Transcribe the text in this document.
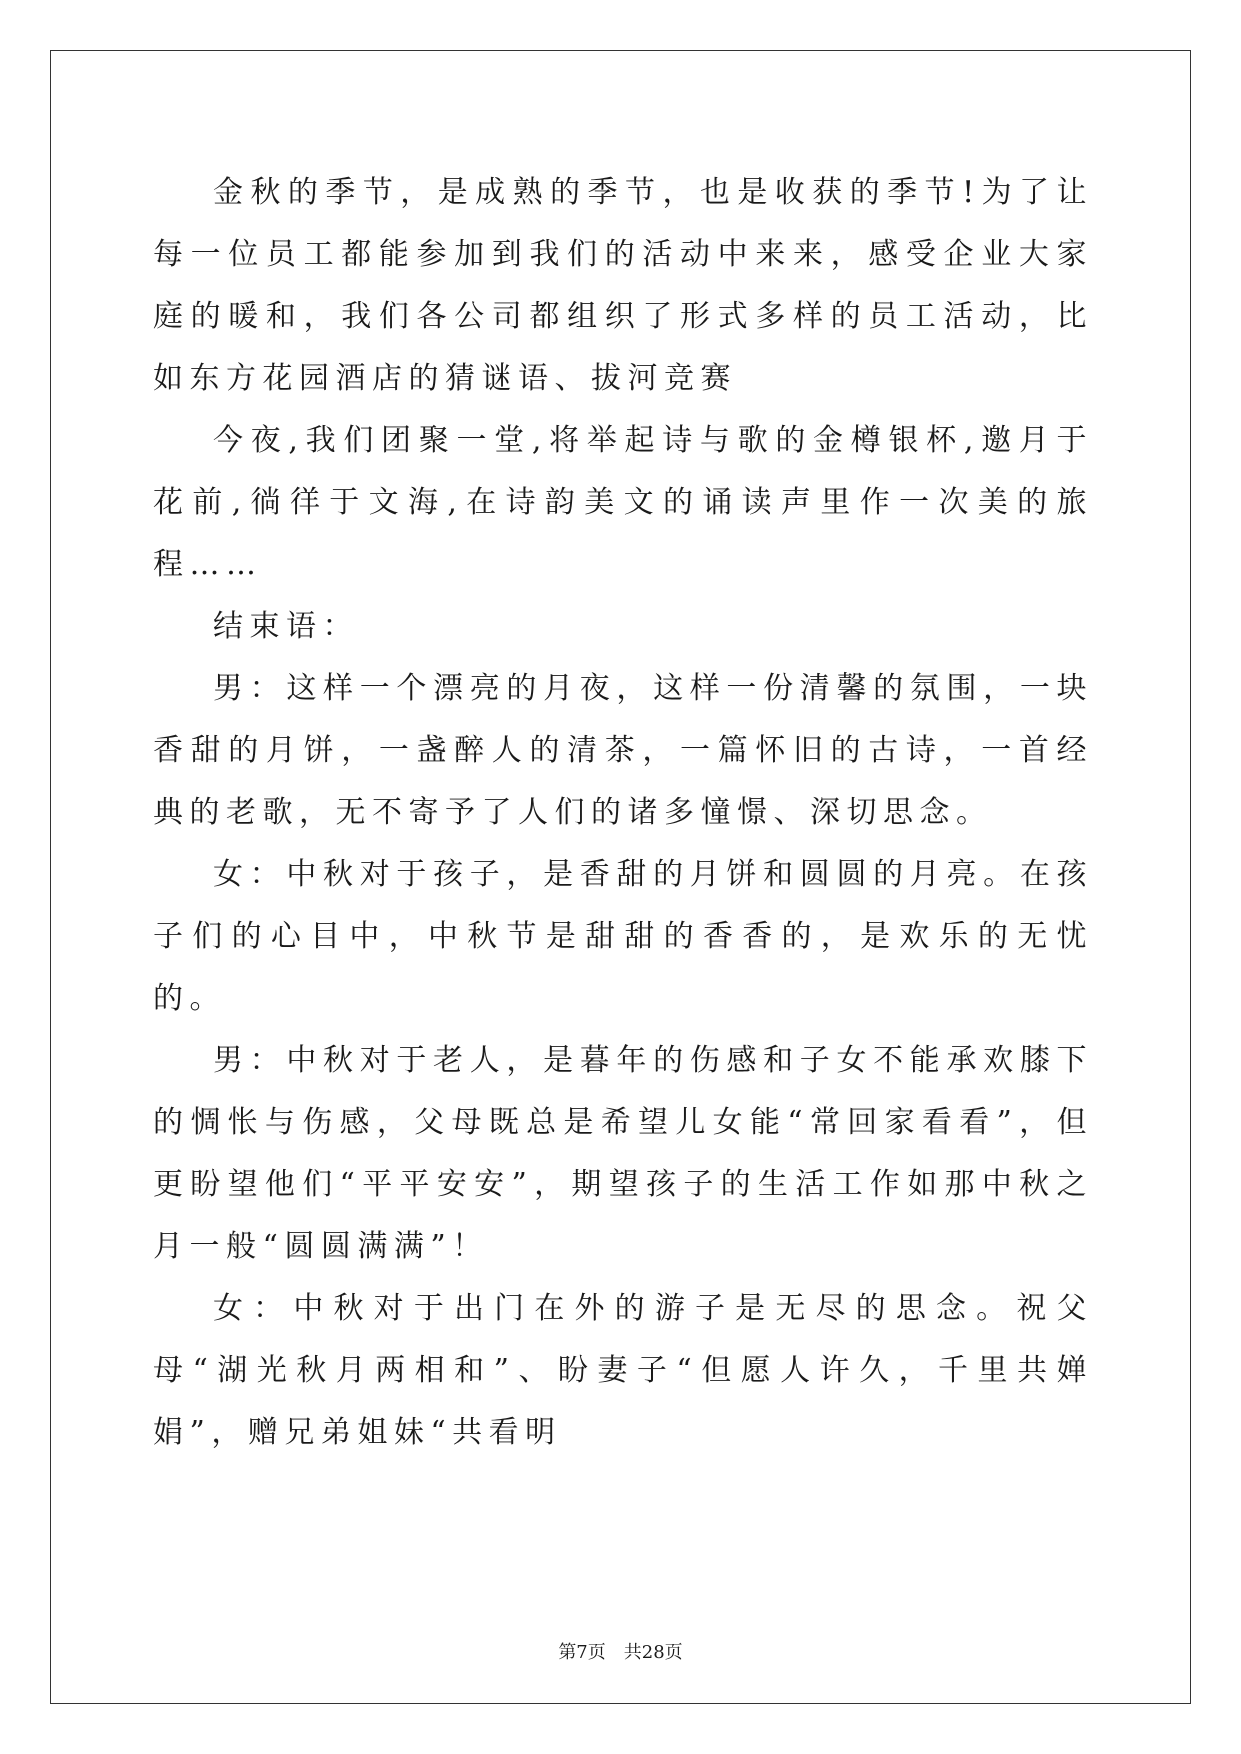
金秋的季节，是成熟的季节，也是收获的季节!为了让每一位员工都能参加到我们的活动中来来，感受企业大家庭的暖和，我们各公司都组织了形式多样的员工活动，比如东方花园酒店的猜谜语、拔河竞赛

今夜,我们团聚一堂,将举起诗与歌的金樽银杯,邀月于花前,徜徉于文海,在诗韵美文的诵读声里作一次美的旅程……

结束语：

男：这样一个漂亮的月夜，这样一份清馨的氛围，一块香甜的月饼，一盏醉人的清茶，一篇怀旧的古诗，一首经典的老歌，无不寄予了人们的诸多憧憬、深切思念。

女：中秋对于孩子，是香甜的月饼和圆圆的月亮。在孩子们的心目中，中秋节是甜甜的香香的，是欢乐的无忧的。

男：中秋对于老人，是暮年的伤感和子女不能承欢膝下的惆怅与伤感，父母既总是希望儿女能“常回家看看”，但更盼望他们“平平安安”，期望孩子的生活工作如那中秋之月一般“圆圆满满”！

女：中秋对于出门在外的游子是无尽的思念。祝父母“湖光秋月两相和”、盼妻子“但愿人许久，千里共婵娟”，赠兄弟姐妹“共看明

第7页 共28页
